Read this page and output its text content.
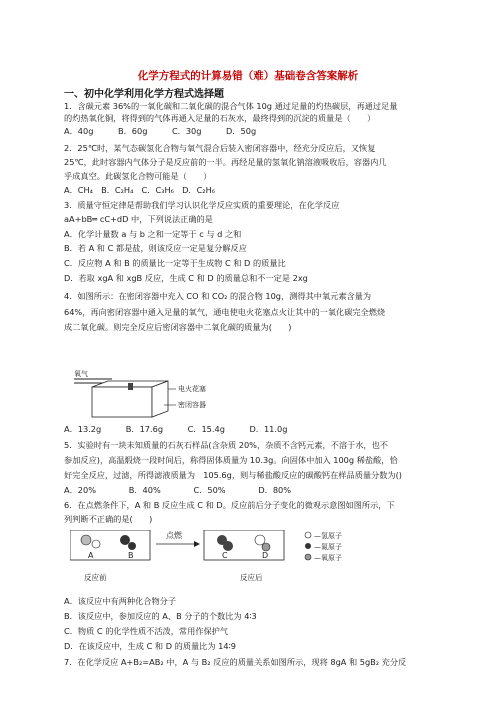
化学方程式的计算易错（难）基础卷含答案解析
一、初中化学利用化学方程式选择题
1．含碳元素 36%的一氧化碳和二氧化碳的混合气体 10g 通过足量的灼热碳层，再通过足量
的灼热氧化铜，将得到的气体再通入足量的石灰水，最终得到的沉淀的质量是（　　）
A．40g　　　B．60g　　　C．30g　　　D．50g
2．25℃时，某气态碳氢化合物与氧气混合后装入密闭容器中，经充分反应后，又恢复
25℃，此时容器内气体分子是反应前的一半。再经足量的氢氧化钠溶液吸收后，容器内几
乎成真空。此碳氢化合物可能是（　　）
A．CH₄　B．C₂H₄　C．C₃H₆　D．C₂H₆
3．质量守恒定律是帮助我们学习认识化学反应实质的重要理论，在化学反应
aA+bB═ cC+dD 中，下列说法正确的是
A．化学计量数 a 与 b 之和一定等于 c 与 d 之和
B．若 A 和 C 都是盐，则该反应一定是复分解反应
C．反应物 A 和 B 的质量比一定等于生成物 C 和 D 的质量比
D．若取 xgA 和 xgB 反应，生成 C 和 D 的质量总和不一定是 2xg
4．如图所示：在密闭容器中充入 CO 和 CO₂ 的混合物 10g，测得其中氧元素含量为
64%，再向密闭容器中通入足量的氧气，通电使电火花塞点火让其中的一氧化碳完全燃烧
成二氧化碳。则完全反应后密闭容器中二氧化碳的质量为(　　)
氧气
电火花塞
密闭容器
A．13.2g　　　B．17.6g　　　C．15.4g　　　D．11.0g
5．实验时有一块未知质量的石灰石样品(含杂质 20%，杂质不含钙元素，不溶于水，也不
参加反应)，高温煅烧一段时间后，称得固体质量为 10.3g。向固体中加入 100g 稀盐酸，恰
好完全反应，过滤，所得滤液质量为　105.6g，则与稀盐酸反应的碳酸钙在样品质量分数为()
A．20%　　　　B．40%　　　　C．50%　　　　D．80%
6．在点燃条件下，A 和 B 反应生成 C 和 D。反应前后分子变化的微观示意图如图所示，下
列判断不正确的是(　　)
A	B
点燃
C	D
—氢原子
—氮原子
—氧原子
反应前	反应后
A．该反应中有两种化合物分子
B．该反应中，参加反应的 A、B 分子的个数比为 4∶3
C．物质 C 的化学性质不活泼，常用作保护气
D．在该反应中，生成 C 和 D 的质量比为 14∶9
7．在化学反应 A+B₂=AB₂ 中，A 与 B₂ 反应的质量关系如图所示，现将 8gA 和 5gB₂ 充分反
